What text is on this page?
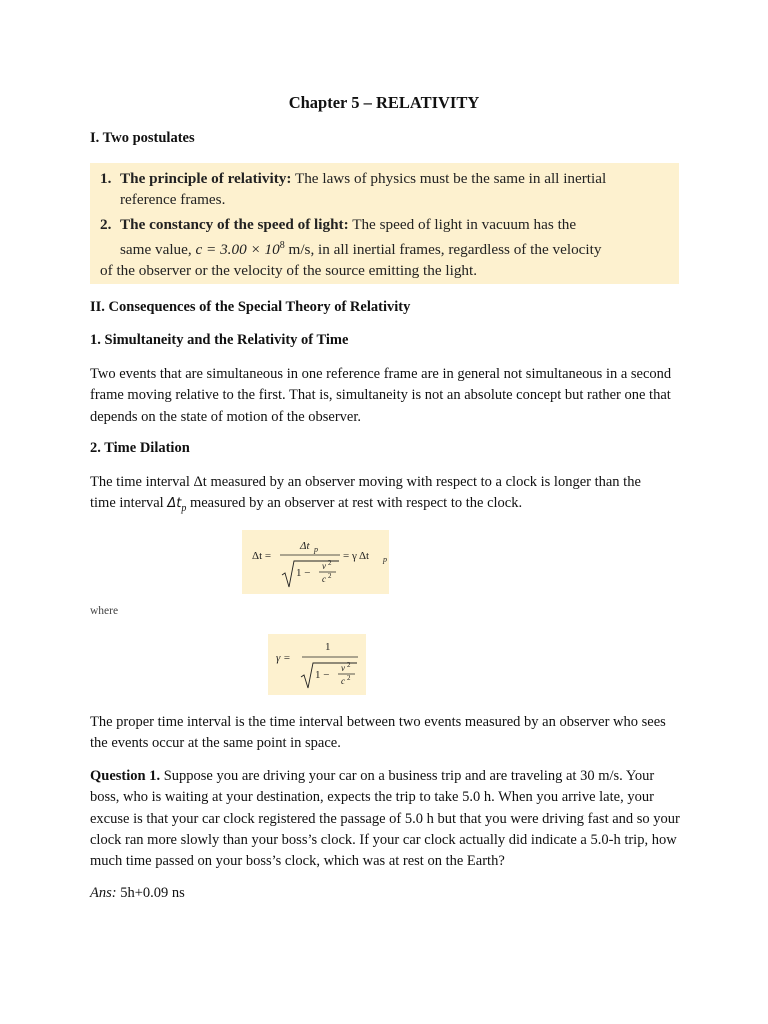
Chapter 5 – RELATIVITY
I. Two postulates
1. The principle of relativity: The laws of physics must be the same in all inertial
reference frames.
2. The constancy of the speed of light: The speed of light in vacuum has the
same value, $c = 3.00 \times 10^8$ m/s, in all inertial frames, regardless of the velocity
of the observer or the velocity of the source emitting the light.
II. Consequences of the Special Theory of Relativity
1. Simultaneity and the Relativity of Time
Two events that are simultaneous in one reference frame are in general not simultaneous in a second frame moving relative to the first. That is, simultaneity is not an absolute concept but rather one that depends on the state of motion of the observer.
2. Time Dilation
The time interval Δt measured by an observer moving with respect to a clock is longer than the
time interval $\Delta t_p$ measured by an observer at rest with respect to the clock.
Δt =
Δt p
1 −
v 2
c 2
= γ Δt p
where
γ =
1
1 −
v 2
c 2
The proper time interval is the time interval between two events measured by an observer who sees the events occur at the same point in space.
Question 1. Suppose you are driving your car on a business trip and are traveling at 30 m/s. Your boss, who is waiting at your destination, expects the trip to take 5.0 h. When you arrive late, your excuse is that your car clock registered the passage of 5.0 h but that you were driving fast and so your clock ran more slowly than your boss’s clock. If your car clock actually did indicate a 5.0-h trip, how much time passed on your boss’s clock, which was at rest on the Earth?
Ans: 5h+0.09 ns
